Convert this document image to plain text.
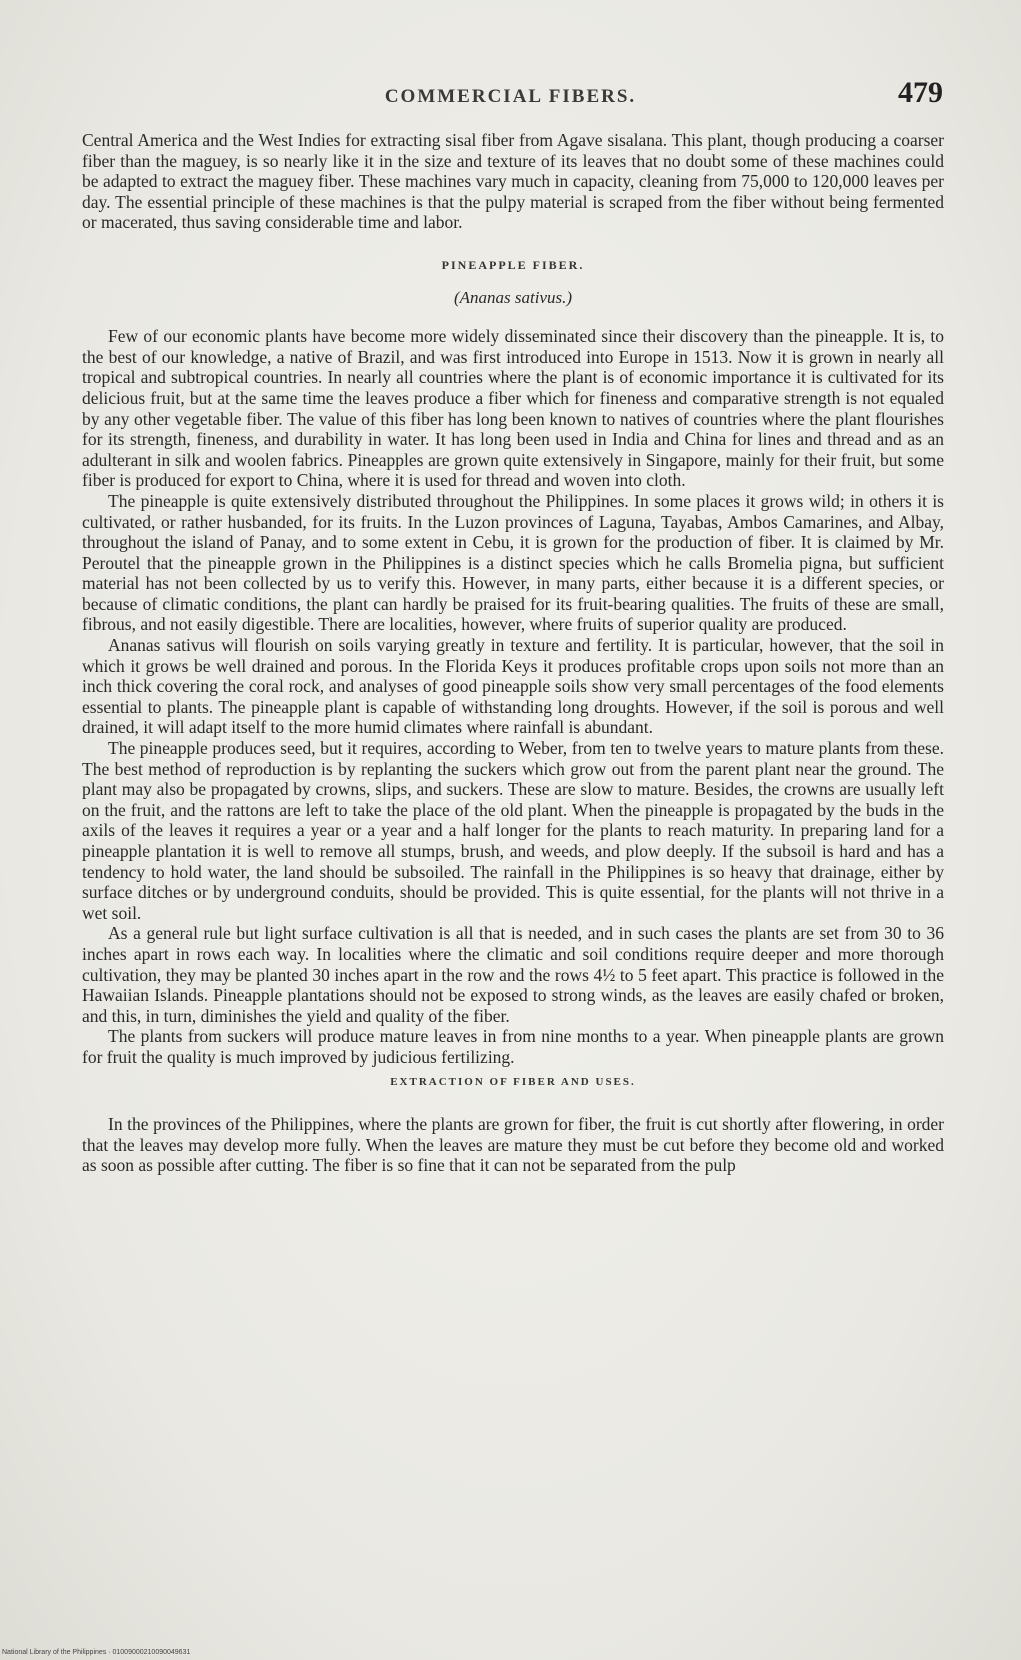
COMMERCIAL FIBERS.	479

Central America and the West Indies for extracting sisal fiber from Agave sisalana. This plant, though producing a coarser fiber than the maguey, is so nearly like it in the size and texture of its leaves that no doubt some of these machines could be adapted to extract the maguey fiber. These machines vary much in capacity, cleaning from 75,000 to 120,000 leaves per day. The essential principle of these machines is that the pulpy material is scraped from the fiber without being fermented or macerated, thus saving considerable time and labor.

PINEAPPLE FIBER.
(Ananas sativus.)

Few of our economic plants have become more widely disseminated since their discovery than the pineapple. It is, to the best of our knowledge, a native of Brazil, and was first introduced into Europe in 1513. Now it is grown in nearly all tropical and subtropical countries. In nearly all countries where the plant is of economic importance it is cultivated for its delicious fruit, but at the same time the leaves produce a fiber which for fineness and comparative strength is not equaled by any other vegetable fiber. The value of this fiber has long been known to natives of countries where the plant flourishes for its strength, fineness, and durability in water. It has long been used in India and China for lines and thread and as an adulterant in silk and woolen fabrics. Pineapples are grown quite extensively in Singapore, mainly for their fruit, but some fiber is produced for export to China, where it is used for thread and woven into cloth.

The pineapple is quite extensively distributed throughout the Philippines. In some places it grows wild; in others it is cultivated, or rather husbanded, for its fruits. In the Luzon provinces of Laguna, Tayabas, Ambos Camarines, and Albay, throughout the island of Panay, and to some extent in Cebu, it is grown for the production of fiber. It is claimed by Mr. Peroutel that the pineapple grown in the Philippines is a distinct species which he calls Bromelia pigna, but sufficient material has not been collected by us to verify this. However, in many parts, either because it is a different species, or because of climatic conditions, the plant can hardly be praised for its fruit-bearing qualities. The fruits of these are small, fibrous, and not easily digestible. There are localities, however, where fruits of superior quality are produced.

Ananas sativus will flourish on soils varying greatly in texture and fertility. It is particular, however, that the soil in which it grows be well drained and porous. In the Florida Keys it produces profitable crops upon soils not more than an inch thick covering the coral rock, and analyses of good pineapple soils show very small percentages of the food elements essential to plants. The pineapple plant is capable of withstanding long droughts. However, if the soil is porous and well drained, it will adapt itself to the more humid climates where rainfall is abundant.

The pineapple produces seed, but it requires, according to Weber, from ten to twelve years to mature plants from these. The best method of reproduction is by replanting the suckers which grow out from the parent plant near the ground. The plant may also be propagated by crowns, slips, and suckers. These are slow to mature. Besides, the crowns are usually left on the fruit, and the rattons are left to take the place of the old plant. When the pineapple is propagated by the buds in the axils of the leaves it requires a year or a year and a half longer for the plants to reach maturity. In preparing land for a pineapple plantation it is well to remove all stumps, brush, and weeds, and plow deeply. If the subsoil is hard and has a tendency to hold water, the land should be subsoiled. The rainfall in the Philippines is so heavy that drainage, either by surface ditches or by underground conduits, should be provided. This is quite essential, for the plants will not thrive in a wet soil.

As a general rule but light surface cultivation is all that is needed, and in such cases the plants are set from 30 to 36 inches apart in rows each way. In localities where the climatic and soil conditions require deeper and more thorough cultivation, they may be planted 30 inches apart in the row and the rows 4½ to 5 feet apart. This practice is followed in the Hawaiian Islands. Pineapple plantations should not be exposed to strong winds, as the leaves are easily chafed or broken, and this, in turn, diminishes the yield and quality of the fiber.

The plants from suckers will produce mature leaves in from nine months to a year. When pineapple plants are grown for fruit the quality is much improved by judicious fertilizing.

EXTRACTION OF FIBER AND USES.

In the provinces of the Philippines, where the plants are grown for fiber, the fruit is cut shortly after flowering, in order that the leaves may develop more fully. When the leaves are mature they must be cut before they become old and worked as soon as possible after cutting. The fiber is so fine that it can not be separated from the pulp

National Library of the Philippines · 01009000210090049631
